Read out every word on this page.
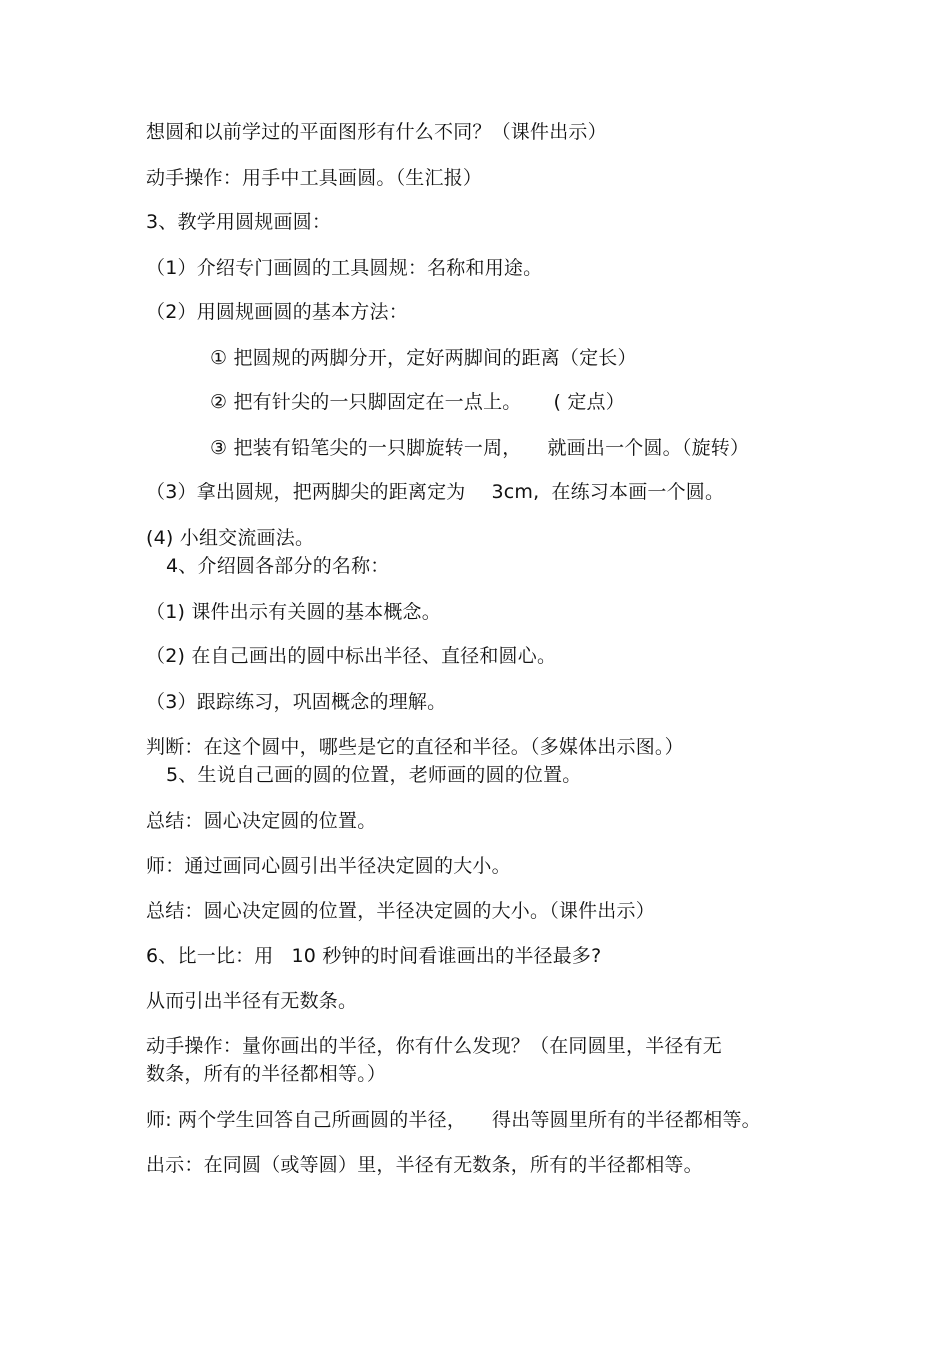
想圆和以前学过的平面图形有什么不同？（课件出示）
动手操作：用手中工具画圆。（生汇报）
3、教学用圆规画圆：
（1）介绍专门画圆的工具圆规：名称和用途。
（2）用圆规画圆的基本方法：
① 把圆规的两脚分开，定好两脚间的距离（定长）
② 把有针尖的一只脚固定在一点上。 ( 定点）
③ 把装有铅笔尖的一只脚旋转一周， 就画出一个圆。（旋转）
（3）拿出圆规，把两脚尖的距离定为 3cm, 在练习本画一个圆。
(4) 小组交流画法。
4、介绍圆各部分的名称：
（1) 课件出示有关圆的基本概念。
（2) 在自己画出的圆中标出半径、直径和圆心。
（3）跟踪练习，巩固概念的理解。
判断：在这个圆中，哪些是它的直径和半径。（多媒体出示图。）
5、生说自己画的圆的位置，老师画的圆的位置。
总结：圆心决定圆的位置。
师：通过画同心圆引出半径决定圆的大小。
总结：圆心决定圆的位置，半径决定圆的大小。（课件出示）
6、比一比：用 10 秒钟的时间看谁画出的半径最多?
从而引出半径有无数条。
动手操作：量你画出的半径，你有什么发现？（在同圆里，半径有无
数条，所有的半径都相等。）
师: 两个学生回答自己所画圆的半径， 得出等圆里所有的半径都相等。
出示：在同圆（或等圆）里，半径有无数条，所有的半径都相等。
